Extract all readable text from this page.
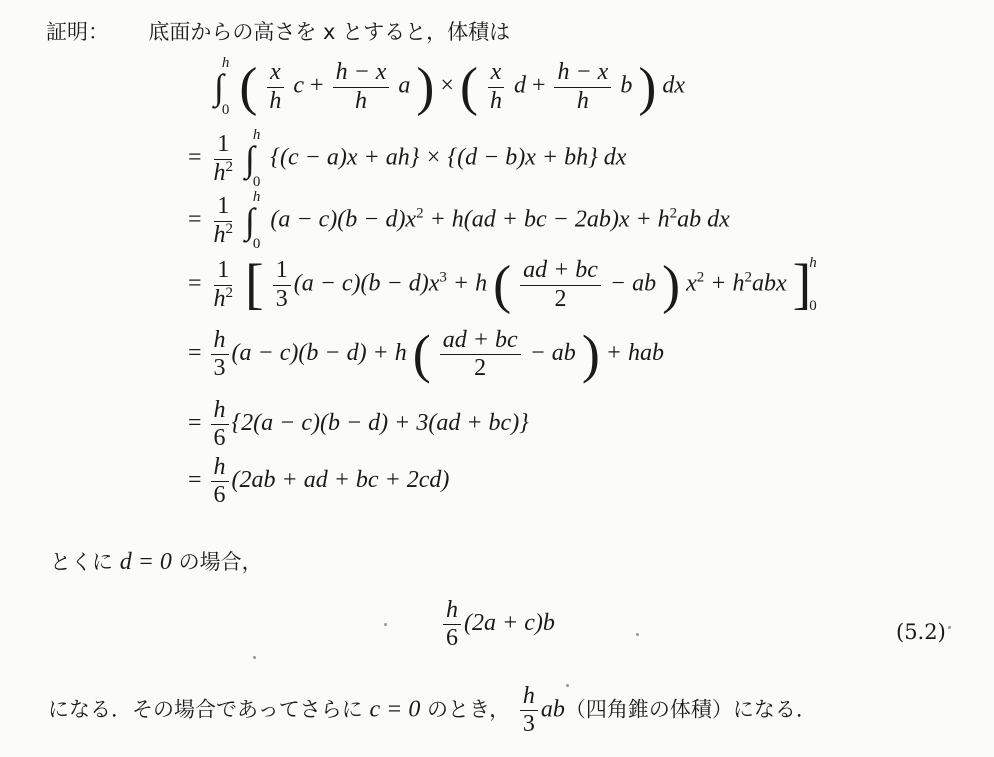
証明： 底面からの高さを x とすると，体積は
∫
h
0 ( $\frac{x}{h}$ $c + \frac{h - x}{h}$ a ) × ( $\frac{x}{h}$ $d + \frac{h - x}{h}$ b ) dx
= $\frac{1}{h^2}$ ∫
h
0
{(c − a)x + ah} × {(d − b)x + bh} dx
= $\frac{1}{h^2}$ ∫
h
0
$(a - c)(b - d)x^2 + h(ad$ + bc − $2ab)x + h^2ab$ dx
= $\frac{1}{h^2}$ [ $\frac{1}{3} (a - c)(b - d)x^3 + h$ ( $\frac{ad + bc}{2}$ − ab ) $x^2 + h^2abx$ ]
h
0
= $\frac{h}{3} (a - c)(b - d) + h$ ( $\frac{ad + bc}{2}$ − ab ) + hab
= $\frac{h}{6} \{2(a - c)(b - d) + 3(ad + bc)\}$
= $\frac{h}{6} (2ab$ + ad + bc + 2cd)
とくに d = 0 の場合，
$\frac{h}{6} (2a + c)b$	(5.2)
になる．その場合であってさらに c = 0 のとき， $\frac{h}{3} ab$（四角錐の体積）になる．
